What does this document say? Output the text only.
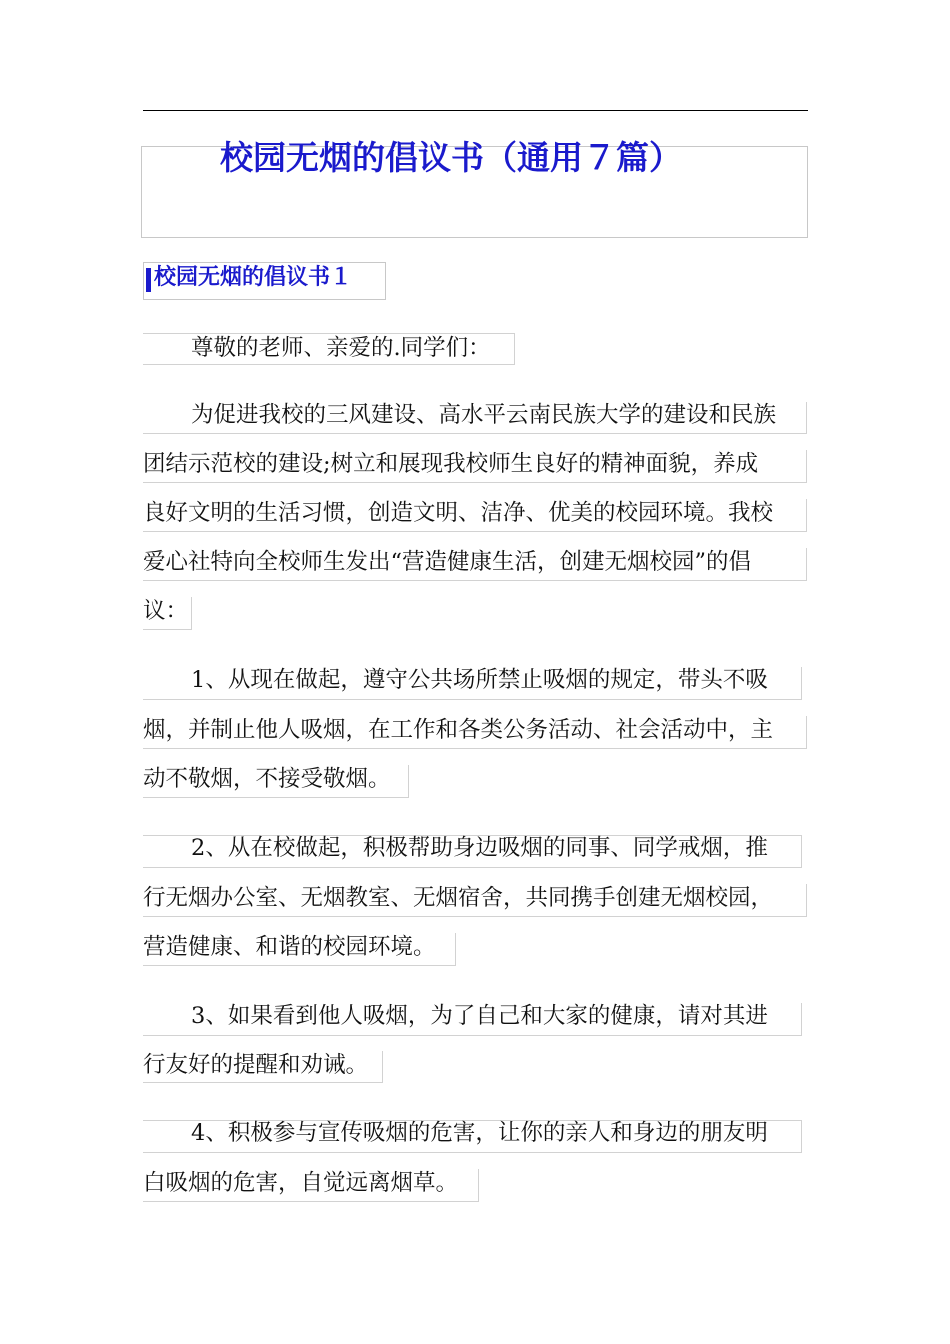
校园无烟的倡议书（通用７篇）
校园无烟的倡议书１
尊敬的老师、亲爱的.同学们：
为促进我校的三风建设、高水平云南民族大学的建设和民族
团结示范校的建设;树立和展现我校师生良好的精神面貌，养成
良好文明的生活习惯，创造文明、洁净、优美的校园环境。我校
爱心社特向全校师生发出“营造健康生活，创建无烟校园”的倡
议：
1、从现在做起，遵守公共场所禁止吸烟的规定，带头不吸
烟，并制止他人吸烟，在工作和各类公务活动、社会活动中，主
动不敬烟，不接受敬烟。
2、从在校做起，积极帮助身边吸烟的同事、同学戒烟，推
行无烟办公室、无烟教室、无烟宿舍，共同携手创建无烟校园，
营造健康、和谐的校园环境。
3、如果看到他人吸烟，为了自己和大家的健康，请对其进
行友好的提醒和劝诫。
4、积极参与宣传吸烟的危害，让你的亲人和身边的朋友明
白吸烟的危害，自觉远离烟草。
